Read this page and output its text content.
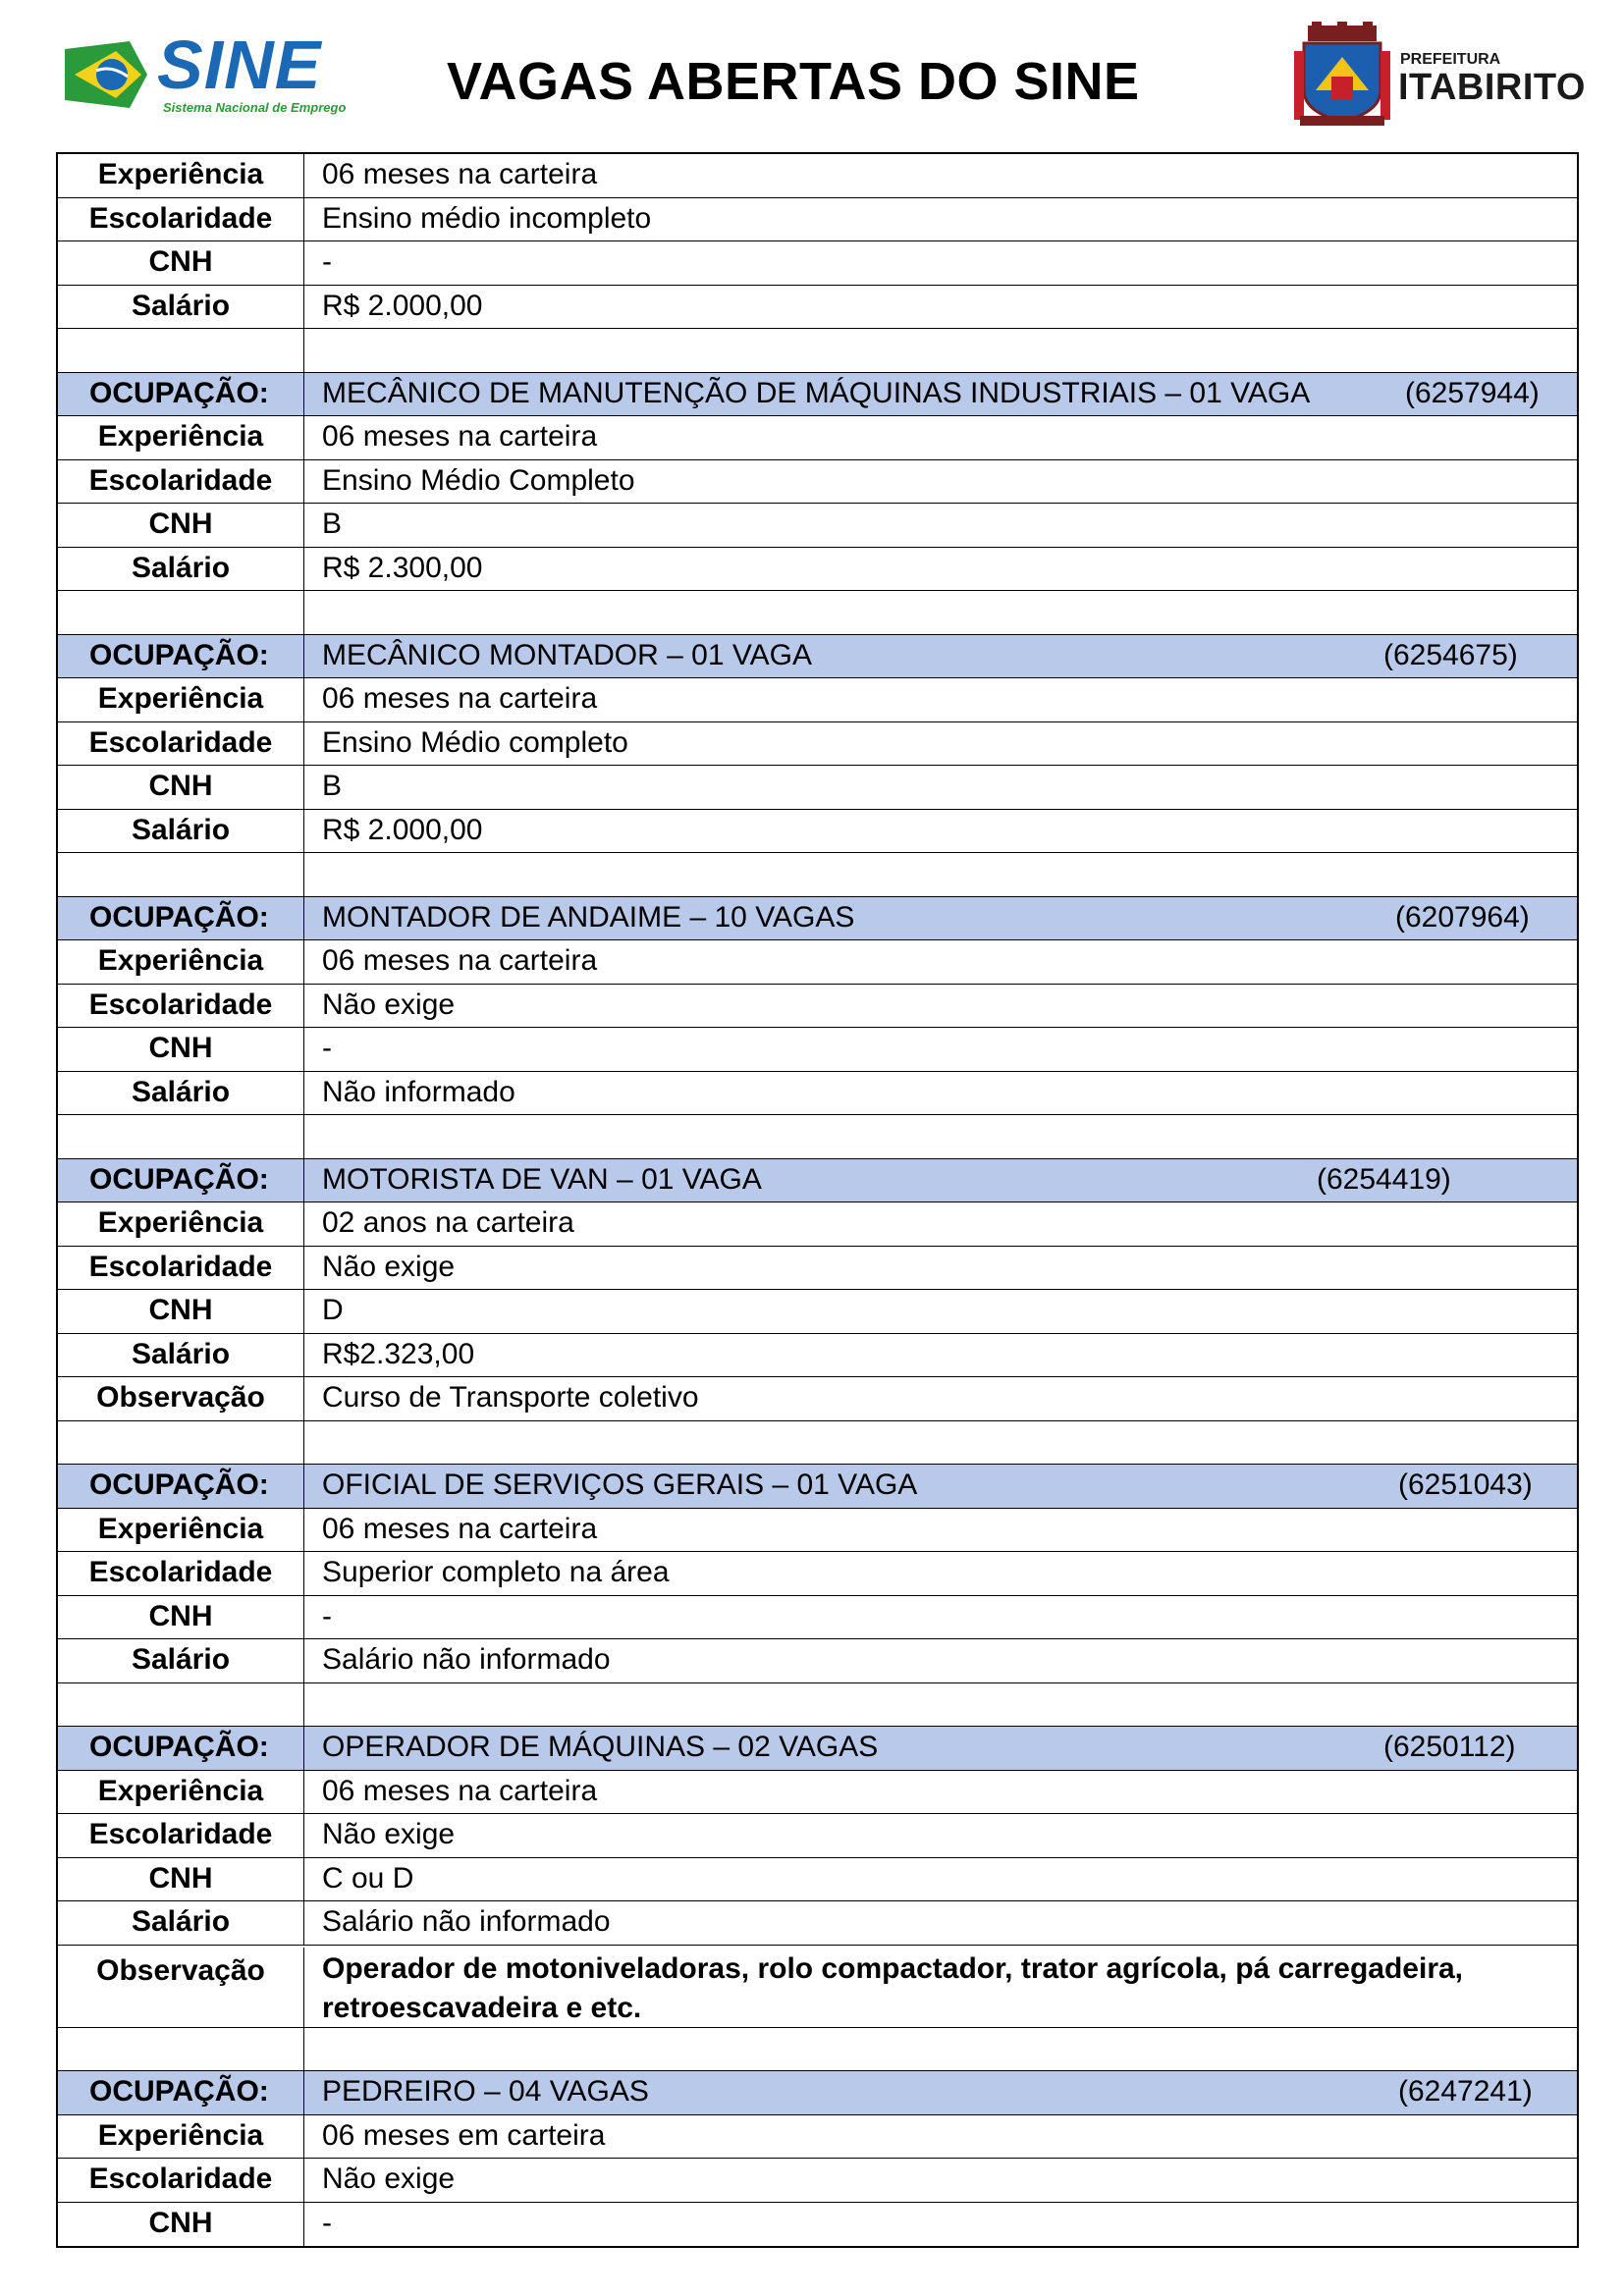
SINE
Sistema Nacional de Emprego VAGAS ABERTAS DO SINE	PREFEITURA
ITABIRITO
Experiência	06 meses na carteira
Escolaridade	Ensino médio incompleto
CNH	-
Salário	R$ 2.000,00
OCUPAÇÃO:	MECÂNICO DE MANUTENÇÃO DE MÁQUINAS INDUSTRIAIS – 01 VAGA	(6257944)
Experiência	06 meses na carteira
Escolaridade	Ensino Médio Completo
CNH	B
Salário	R$ 2.300,00
OCUPAÇÃO:	MECÂNICO MONTADOR – 01 VAGA	(6254675)
Experiência	06 meses na carteira
Escolaridade	Ensino Médio completo
CNH	B
Salário	R$ 2.000,00
OCUPAÇÃO:	MONTADOR DE ANDAIME – 10 VAGAS	(6207964)
Experiência	06 meses na carteira
Escolaridade	Não exige
CNH	-
Salário	Não informado
OCUPAÇÃO:	MOTORISTA DE VAN – 01 VAGA	(6254419)
Experiência	02 anos na carteira
Escolaridade	Não exige
CNH	D
Salário	R$2.323,00
Observação	Curso de Transporte coletivo
OCUPAÇÃO:	OFICIAL DE SERVIÇOS GERAIS – 01 VAGA	(6251043)
Experiência	06 meses na carteira
Escolaridade	Superior completo na área
CNH	-
Salário	Salário não informado
OCUPAÇÃO:	OPERADOR DE MÁQUINAS – 02 VAGAS	(6250112)
Experiência	06 meses na carteira
Escolaridade	Não exige
CNH	C ou D
Salário	Salário não informado
Observação	Operador de motoniveladoras, rolo compactador, trator agrícola, pá carregadeira, retroescavadeira e etc.
OCUPAÇÃO:	PEDREIRO – 04 VAGAS	(6247241)
Experiência	06 meses em carteira
Escolaridade	Não exige
CNH	-
